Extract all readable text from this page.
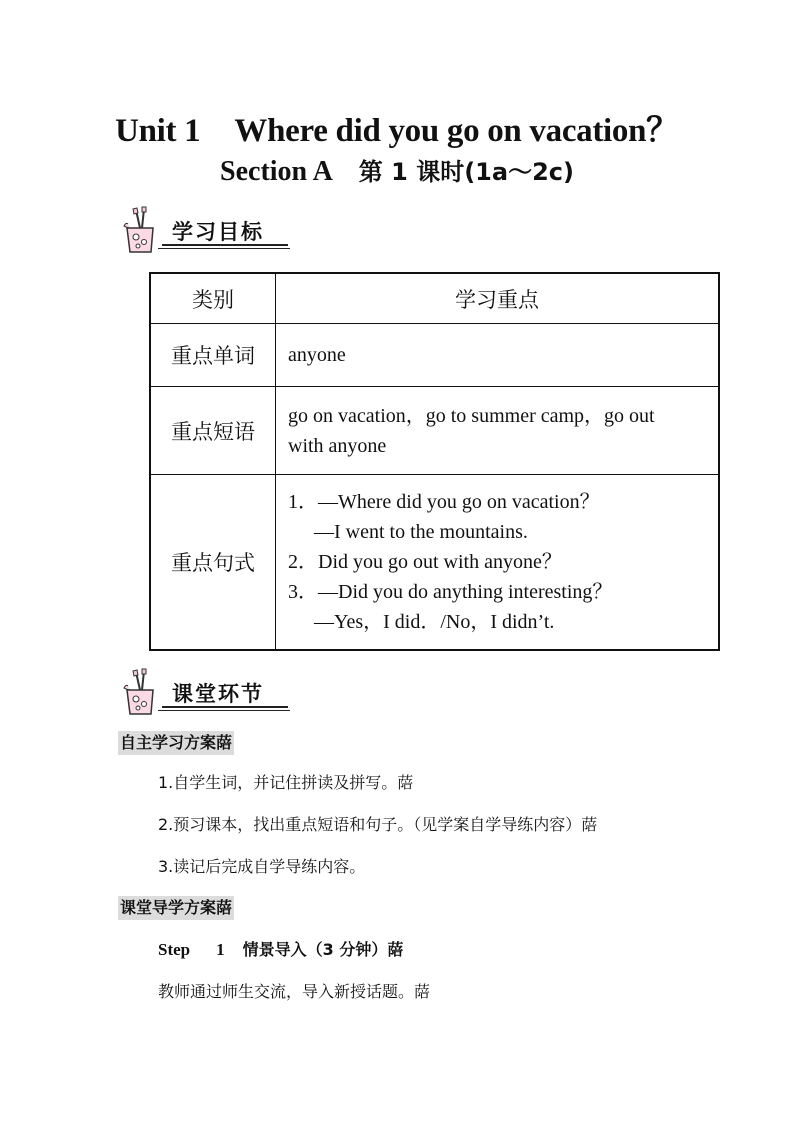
Unit 1 Where did you go on vacation？
Section A 第 1 课时(1a～2c)
学习目标
类别	学习重点
重点单词	anyone

重点短语	go on vacation，go to summer camp，go out
with anyone

重点句式	1．—Where did you go on vacation？
—I went to the mountains.
2．Did you go out with anyone？
3．—Did you do anything interesting？
—Yes，I did．/No，I didn’t.
课堂环节
自主学习方案䔒
1.自学生词，并记住拼读及拼写。䔒
2.预习课本，找出重点短语和句子。（见学案自学导练内容）䔒
3.读记后完成自学导练内容。
课堂导学方案䔒
Step 1 情景导入（3 分钟）䔒
教师通过师生交流，导入新授话题。䔒
